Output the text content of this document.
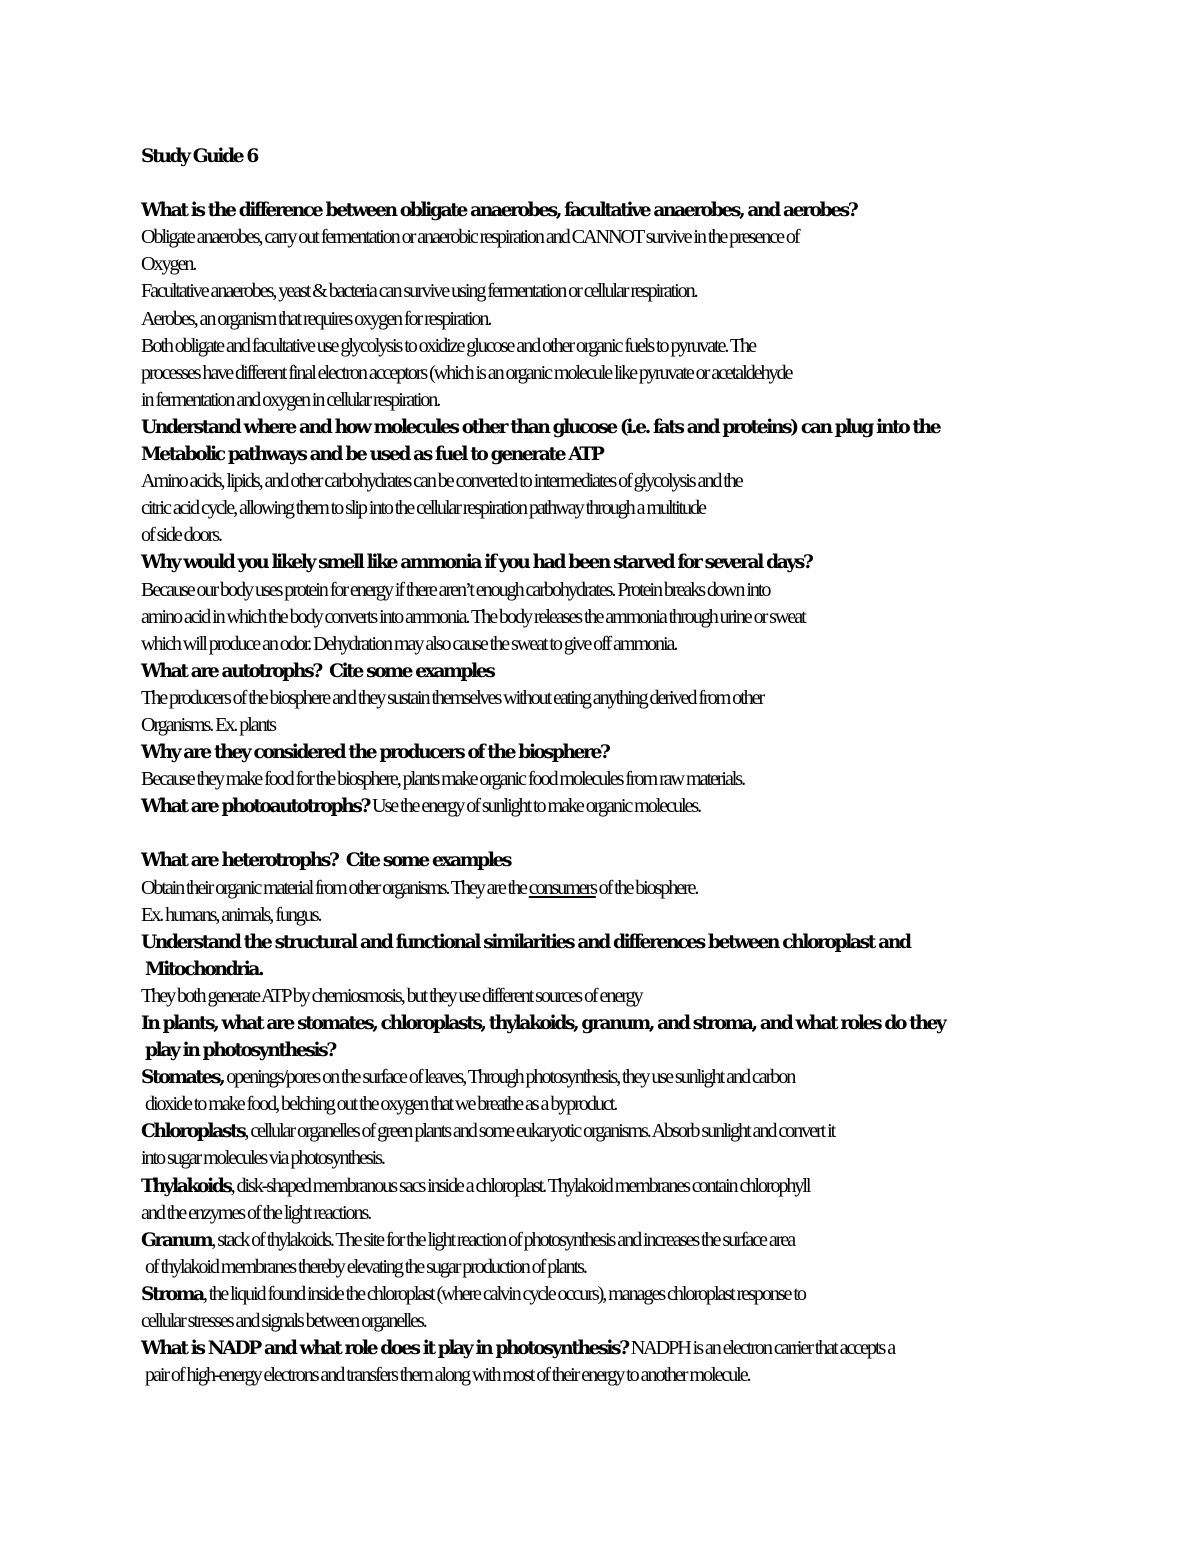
Study Guide 6
What is the difference between obligate anaerobes, facultative anaerobes, and aerobes?
Obligate anaerobes, carry out fermentation or anaerobic respiration and CANNOT survive in the presence of
Oxygen.
Facultative anaerobes, yeast & bacteria can survive using fermentation or cellular respiration.
Aerobes, an organism that requires oxygen for respiration.
Both obligate and facultative use glycolysis to oxidize glucose and other organic fuels to pyruvate. The
processes have different final electron acceptors (which is an organic molecule like pyruvate or acetaldehyde
in fermentation and oxygen in cellular respiration.
Understand where and how molecules other than glucose (i.e. fats and proteins) can plug into the
Metabolic pathways and be used as fuel to generate ATP
Amino acids, lipids, and other carbohydrates can be converted to intermediates of glycolysis and the
citric acid cycle, allowing them to slip into the cellular respiration pathway through a multitude
of side doors.
Why would you likely smell like ammonia if you had been starved for several days?
Because our body uses protein for energy if there aren’t enough carbohydrates. Protein breaks down into
amino acid in which the body converts into ammonia. The body releases the ammonia through urine or sweat
which will produce an odor. Dehydration may also cause the sweat to give off ammonia.
What are autotrophs?  Cite some examples
The producers of the biosphere and they sustain themselves without eating anything derived from other
Organisms. Ex. plants
Why are they considered the producers of the biosphere?
Because they make food for the biosphere, plants make organic food molecules from raw materials.
What are photoautotrophs? Use the energy of sunlight to make organic molecules.
What are heterotrophs?  Cite some examples
Obtain their organic material from other organisms. They are the consumers of the biosphere.
Ex. humans, animals, fungus.
Understand the structural and functional similarities and differences between chloroplast and
Mitochondria.
They both generate ATP by chemiosmosis, but they use different sources of energy
In plants, what are stomates, chloroplasts, thylakoids, granum, and stroma, and what roles do they
play in photosynthesis?
Stomates, openings/pores on the surface of leaves, Through photosynthesis, they use sunlight and carbon
dioxide to make food, belching out the oxygen that we breathe as a byproduct.
Chloroplasts, cellular organelles of green plants and some eukaryotic organisms. Absorb sunlight and convert it
into sugar molecules via photosynthesis.
Thylakoids, disk-shaped membranous sacs inside a chloroplast. Thylakoid membranes contain chlorophyll
and the enzymes of the light reactions.
Granum, stack of thylakoids. The site for the light reaction of photosynthesis and increases the surface area
of thylakoid membranes thereby elevating the sugar production of plants.
Stroma, the liquid found inside the chloroplast (where calvin cycle occurs), manages chloroplast response to
cellular stresses and signals between organelles.
What is NADP and what role does it play in photosynthesis? NADPH is an electron carrier that accepts a
pair of high-energy electrons and transfers them along with most of their energy to another molecule.
